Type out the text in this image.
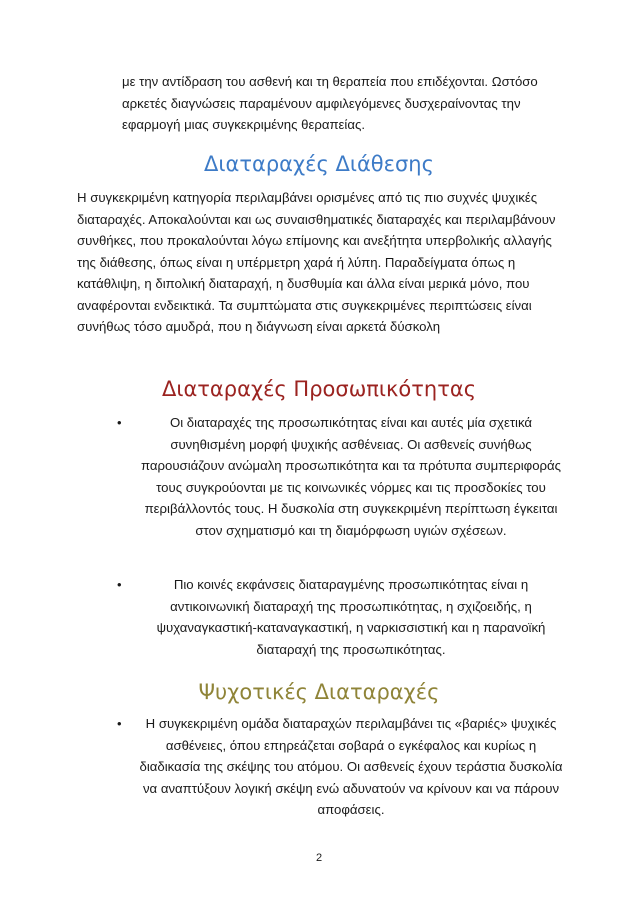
με την αντίδραση του ασθενή και τη θεραπεία που επιδέχονται. Ωστόσο αρκετές διαγνώσεις παραμένουν αμφιλεγόμενες δυσχεραίνοντας την εφαρμογή μιας συγκεκριμένης θεραπείας.
Διαταραχές Διάθεσης
Η συγκεκριμένη κατηγορία περιλαμβάνει ορισμένες από τις πιο συχνές ψυχικές διαταραχές. Αποκαλούνται και ως συναισθηματικές διαταραχές και περιλαμβάνουν συνθήκες, που προκαλούνται λόγω επίμονης και ανεξήτητα υπερβολικής αλλαγής της διάθεσης, όπως είναι η υπέρμετρη χαρά ή λύπη. Παραδείγματα όπως η κατάθλιψη, η διπολική διαταραχή, η δυσθυμία και άλλα είναι μερικά μόνο, που αναφέρονται ενδεικτικά. Τα συμπτώματα στις συγκεκριμένες περιπτώσεις είναι συνήθως τόσο αμυδρά, που η διάγνωση είναι αρκετά δύσκολη
Διαταραχές Προσωπικότητας
•	Οι διαταραχές της προσωπικότητας είναι και αυτές μία σχετικά συνηθισμένη μορφή ψυχικής ασθένειας. Οι ασθενείς συνήθως παρουσιάζουν ανώμαλη προσωπικότητα και τα πρότυπα συμπεριφοράς τους συγκρούονται με τις κοινωνικές νόρμες και τις προσδοκίες του περιβάλλοντός τους. Η δυσκολία στη συγκεκριμένη περίπτωση έγκειται στον σχηματισμό και τη διαμόρφωση υγιών σχέσεων.
•	Πιο κοινές εκφάνσεις διαταραγμένης προσωπικότητας είναι η αντικοινωνική διαταραχή της προσωπικότητας, η σχιζοειδής, η ψυχαναγκαστική-καταναγκαστική, η ναρκισσιστική και η παρανοϊκή διαταραχή της προσωπικότητας.
Ψυχοτικές Διαταραχές
•	Η συγκεκριμένη ομάδα διαταραχών περιλαμβάνει τις «βαριές» ψυχικές ασθένειες, όπου επηρεάζεται σοβαρά ο εγκέφαλος και κυρίως η διαδικασία της σκέψης του ατόμου. Οι ασθενείς έχουν τεράστια δυσκολία να αναπτύξουν λογική σκέψη ενώ αδυνατούν να κρίνουν και να πάρουν αποφάσεις.
2
